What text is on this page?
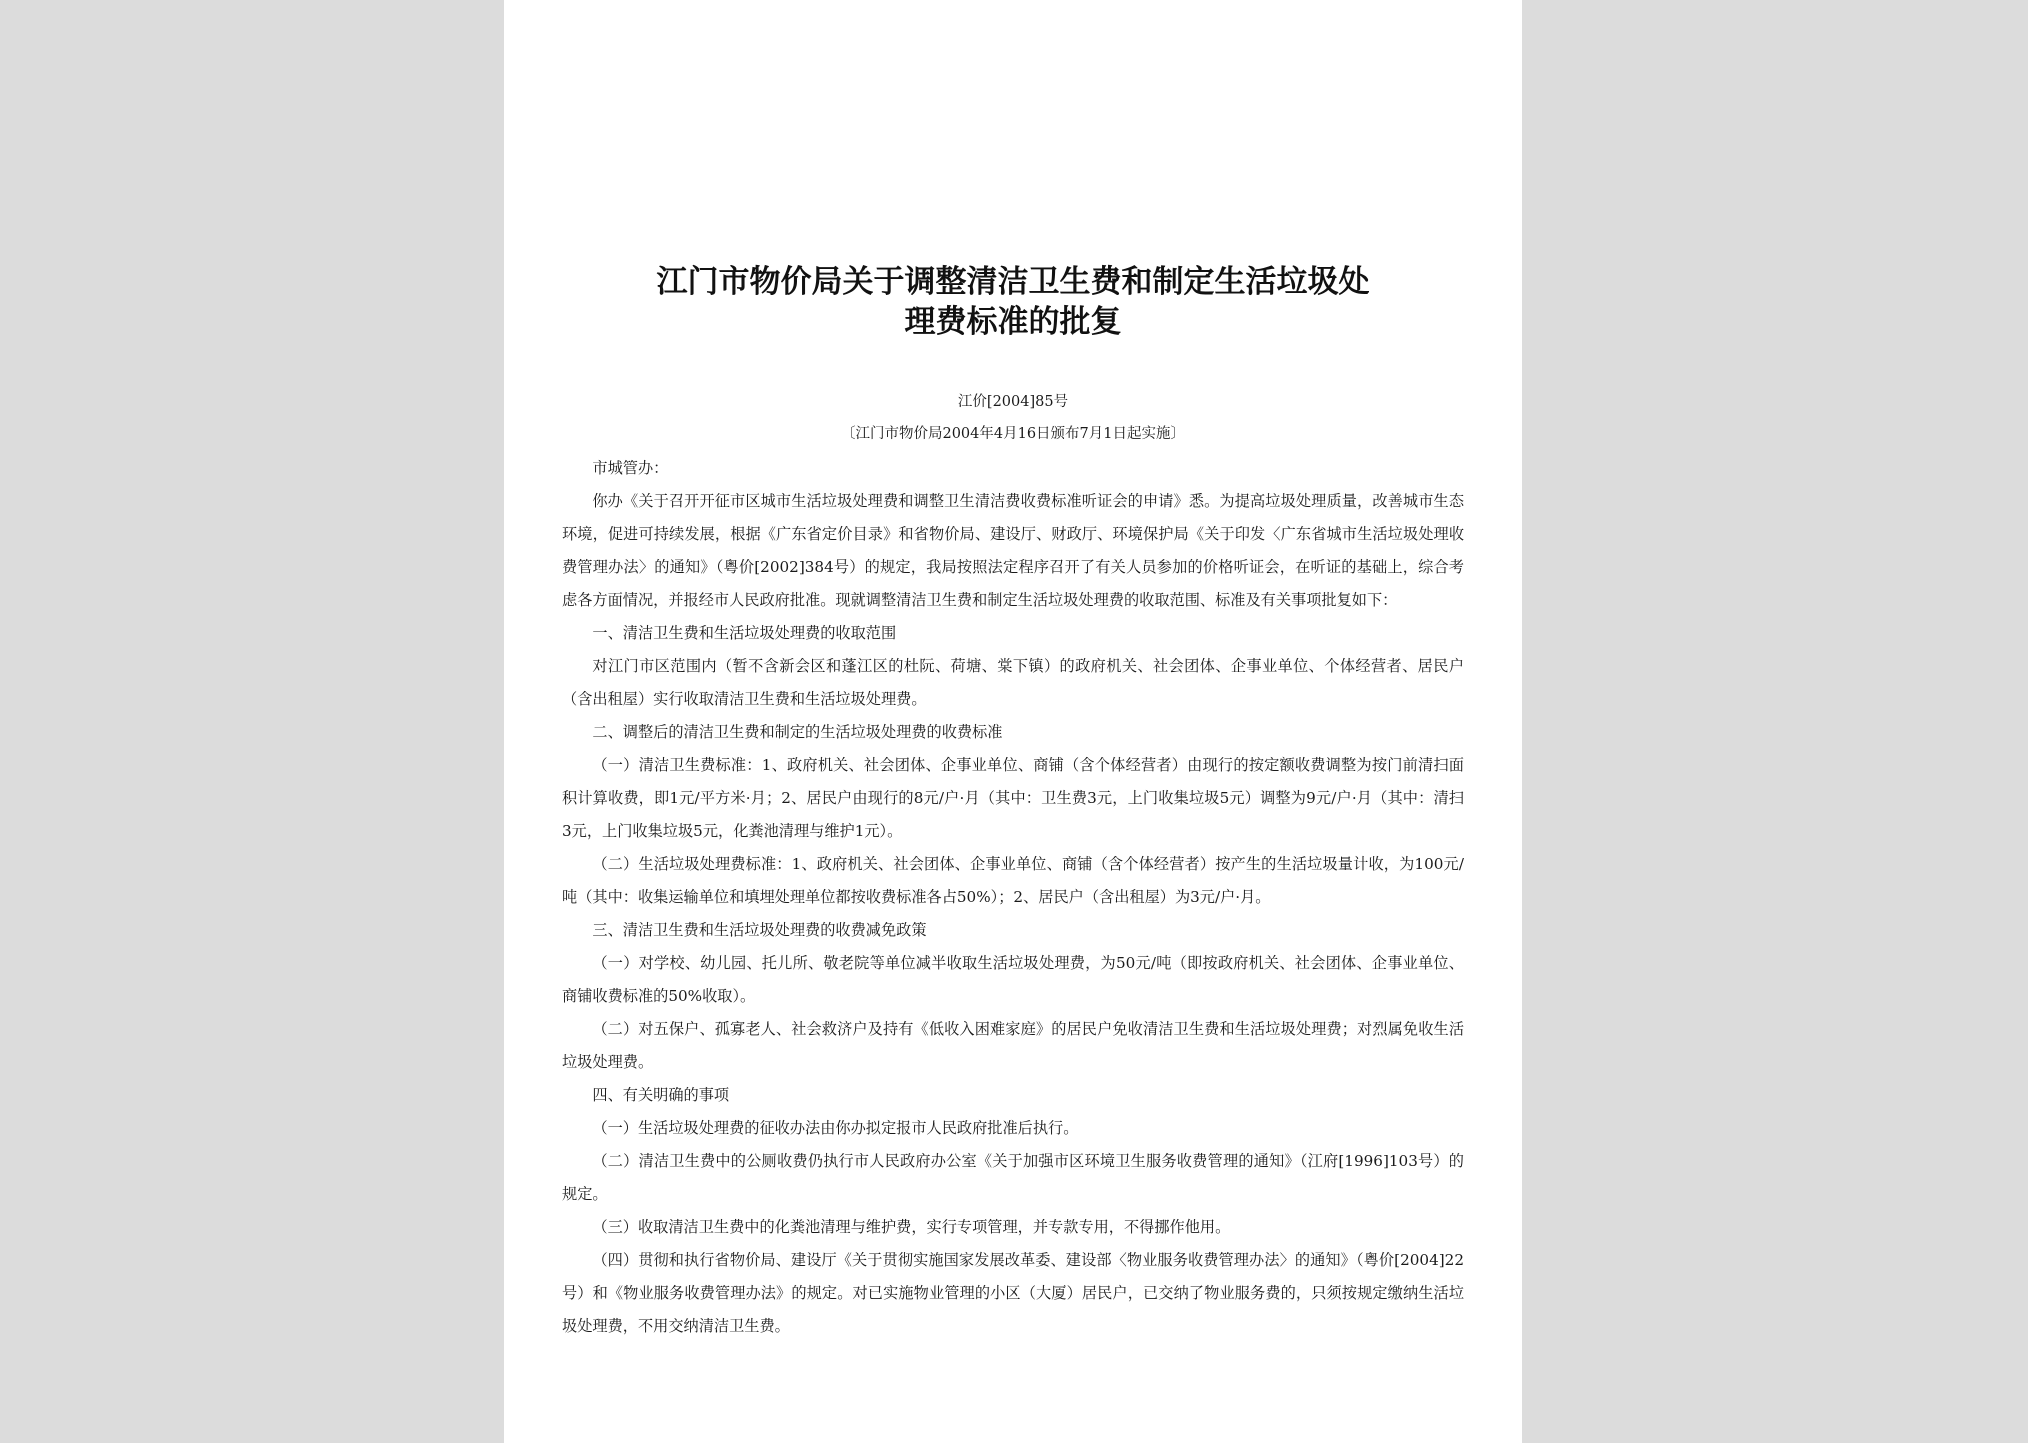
江门市物价局关于调整清洁卫生费和制定生活垃圾处
理费标准的批复
江价[2004]85号
〔江门市物价局2004年4月16日颁布7月1日起实施〕

市城管办：

你办《关于召开开征市区城市生活垃圾处理费和调整卫生清洁费收费标准听证会的申请》悉。为提高垃圾处理质量，改善城市生态环境，促进可持续发展，根据《广东省定价目录》和省物价局、建设厅、财政厅、环境保护局《关于印发〈广东省城市生活垃圾处理收费管理办法〉的通知》（粤价[2002]384号）的规定，我局按照法定程序召开了有关人员参加的价格听证会，在听证的基础上，综合考虑各方面情况，并报经市人民政府批准。现就调整清洁卫生费和制定生活垃圾处理费的收取范围、标准及有关事项批复如下：

一、清洁卫生费和生活垃圾处理费的收取范围

对江门市区范围内（暂不含新会区和蓬江区的杜阮、荷塘、棠下镇）的政府机关、社会团体、企事业单位、个体经营者、居民户（含出租屋）实行收取清洁卫生费和生活垃圾处理费。

二、调整后的清洁卫生费和制定的生活垃圾处理费的收费标准

（一）清洁卫生费标准：1、政府机关、社会团体、企事业单位、商铺（含个体经营者）由现行的按定额收费调整为按门前清扫面积计算收费，即1元/平方米·月；2、居民户由现行的8元/户·月（其中：卫生费3元，上门收集垃圾5元）调整为9元/户·月（其中：清扫3元，上门收集垃圾5元，化粪池清理与维护1元）。

（二）生活垃圾处理费标准：1、政府机关、社会团体、企事业单位、商铺（含个体经营者）按产生的生活垃圾量计收，为100元/吨（其中：收集运输单位和填埋处理单位都按收费标准各占50%）；2、居民户（含出租屋）为3元/户·月。

三、清洁卫生费和生活垃圾处理费的收费减免政策

（一）对学校、幼儿园、托儿所、敬老院等单位减半收取生活垃圾处理费，为50元/吨（即按政府机关、社会团体、企事业单位、商铺收费标准的50%收取）。

（二）对五保户、孤寡老人、社会救济户及持有《低收入困难家庭》的居民户免收清洁卫生费和生活垃圾处理费；对烈属免收生活垃圾处理费。

四、有关明确的事项

（一）生活垃圾处理费的征收办法由你办拟定报市人民政府批准后执行。

（二）清洁卫生费中的公厕收费仍执行市人民政府办公室《关于加强市区环境卫生服务收费管理的通知》（江府[1996]103号）的规定。

（三）收取清洁卫生费中的化粪池清理与维护费，实行专项管理，并专款专用，不得挪作他用。

（四）贯彻和执行省物价局、建设厅《关于贯彻实施国家发展改革委、建设部〈物业服务收费管理办法〉的通知》（粤价[2004]22号）和《物业服务收费管理办法》的规定。对已实施物业管理的小区（大厦）居民户，已交纳了物业服务费的，只须按规定缴纳生活垃圾处理费，不用交纳清洁卫生费。
